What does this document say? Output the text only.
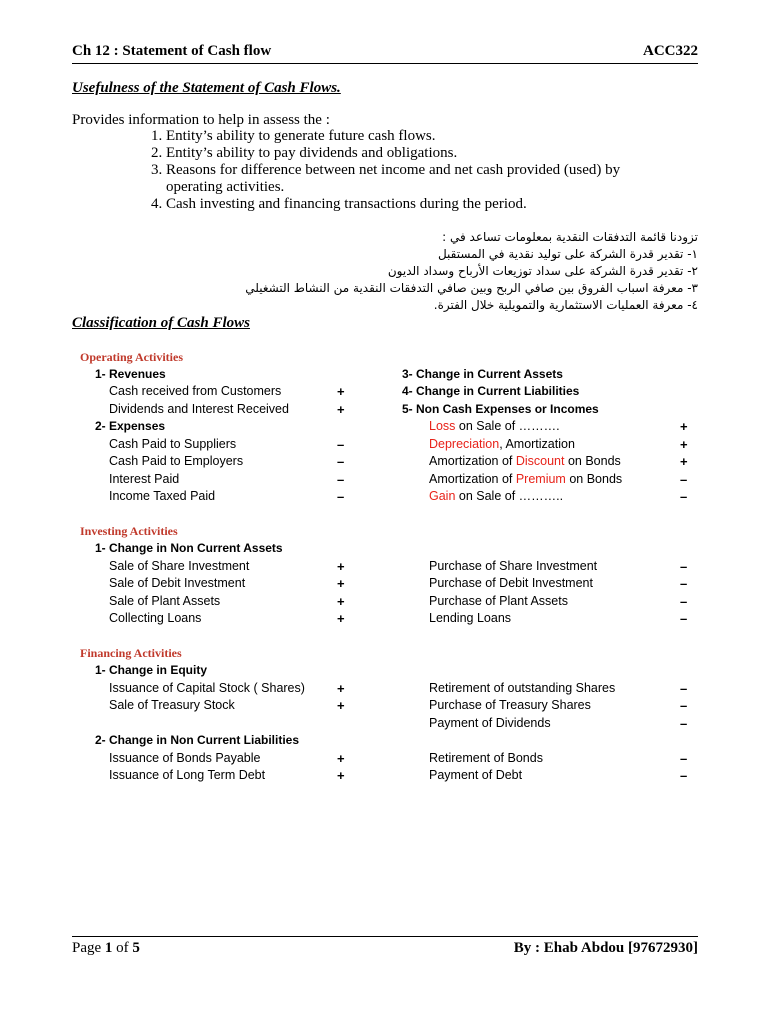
Ch 12 : Statement of Cash flow	ACC322
Usefulness of the Statement of Cash Flows.
Provides information to help in assess the :
1. Entity’s ability to generate future cash flows.
2. Entity’s ability to pay dividends and obligations.
3. Reasons for difference between net income and net cash provided (used) by operating activities.
4. Cash investing and financing transactions during the period.
تزودنا قائمة التدفقات النقدية بمعلومات تساعد في :
١- تقدير قدرة الشركة على توليد نقدية في المستقبل
٢- تقدير قدرة الشركة على سداد توزيعات الأرباح وسداد الديون
٣- معرفة اسباب الفروق بين صافي الربح وبين صافي التدفقات النقدية من النشاط التشغيلي
٤- معرفة العمليات الاستثمارية والتمويلية خلال الفترة.
Classification of Cash Flows
Operating Activities
1- Revenues
Cash received from Customers	+
Dividends and Interest Received	+
2- Expenses
Cash Paid to Suppliers	–
Cash Paid to Employers	–
Interest Paid	–
Income Taxed Paid	–
3- Change in Current Assets
4- Change in Current Liabilities
5- Non Cash Expenses or Incomes
Loss on Sale of ……….	+
Depreciation, Amortization	+
Amortization of Discount on Bonds	+
Amortization of Premium on Bonds	–
Gain on Sale of ………..	–
Investing Activities
1- Change in Non Current Assets
Sale of Share Investment	+
Sale of Debit Investment	+
Sale of Plant Assets	+
Collecting Loans	+
Purchase of Share Investment	–
Purchase of Debit Investment	–
Purchase of Plant Assets	–
Lending Loans	–
Financing Activities
1- Change in Equity
Issuance of Capital Stock ( Shares) +
Sale of Treasury Stock	+
Retirement of outstanding Shares	–
Purchase of Treasury Shares	–
Payment of Dividends	–
2- Change in Non Current Liabilities
Issuance of Bonds Payable	+
Issuance of Long Term Debt	+
Retirement of Bonds	–
Payment of Debt	–
Page 1 of 5	By : Ehab Abdou [97672930]
